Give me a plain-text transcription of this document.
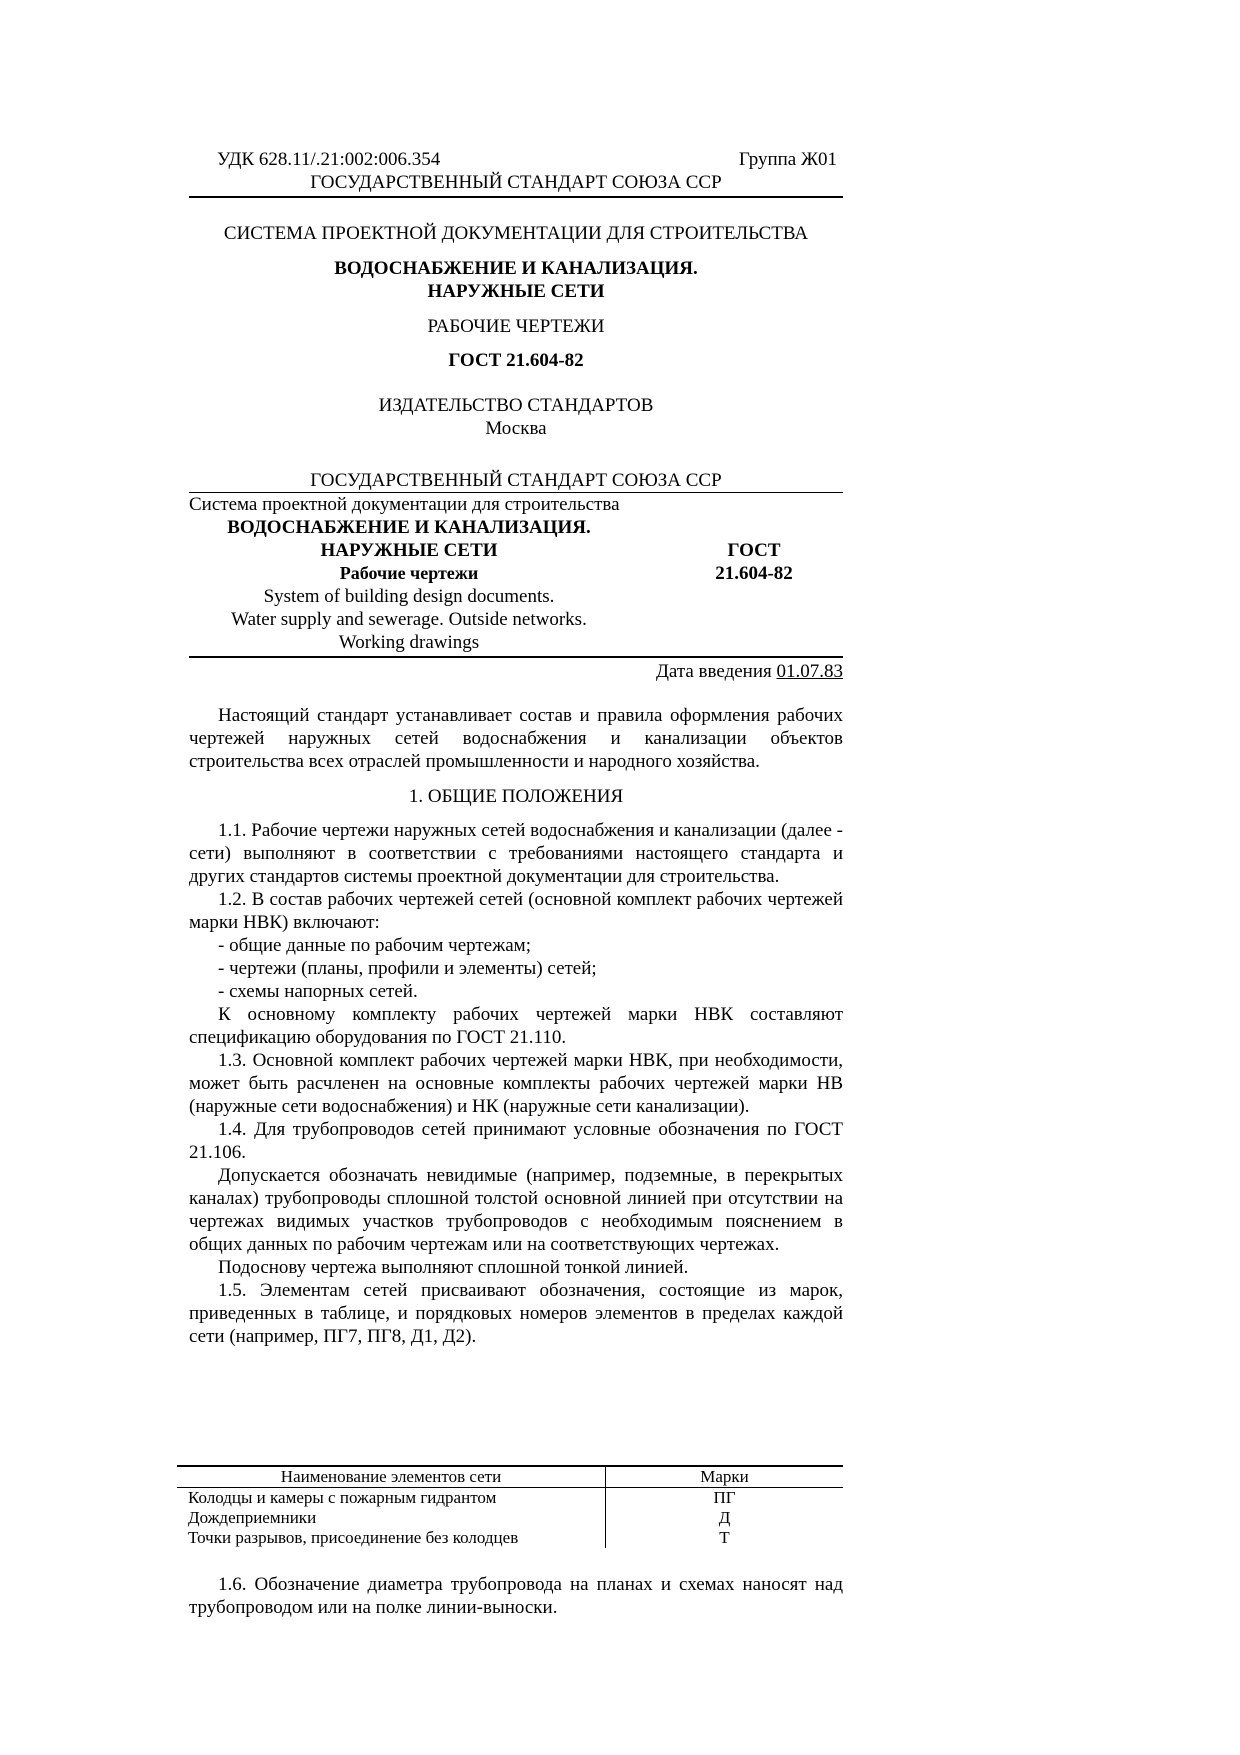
УДК 628.11/.21:002:006.354	Группа Ж01
ГОСУДАРСТВЕННЫЙ СТАНДАРТ СОЮЗА ССР
СИСТЕМА ПРОЕКТНОЙ ДОКУМЕНТАЦИИ ДЛЯ СТРОИТЕЛЬСТВА
ВОДОСНАБЖЕНИЕ И КАНАЛИЗАЦИЯ.
НАРУЖНЫЕ СЕТИ
РАБОЧИЕ ЧЕРТЕЖИ
ГОСТ 21.604-82
ИЗДАТЕЛЬСТВО СТАНДАРТОВ
Москва
ГОСУДАРСТВЕННЫЙ СТАНДАРТ СОЮЗА ССР
Система проектной документации для строительства
ВОДОСНАБЖЕНИЕ И КАНАЛИЗАЦИЯ.
НАРУЖНЫЕ СЕТИ
Рабочие чертежи
System of building design documents.
Water supply and sewerage. Outside networks.
Working drawings
ГОСТ
21.604-82
Дата введения 01.07.83

Настоящий стандарт устанавливает состав и правила оформления рабочих чертежей наружных сетей водоснабжения и канализации объектов строительства всех отраслей промышленности и народного хозяйства.

1. ОБЩИЕ ПОЛОЖЕНИЯ

1.1. Рабочие чертежи наружных сетей водоснабжения и канализации (далее - сети) выполняют в соответствии с требованиями настоящего стандарта и других стандартов системы проектной документации для строительства.

1.2. В состав рабочих чертежей сетей (основной комплект рабочих чертежей марки НВК) включают:

- общие данные по рабочим чертежам;

- чертежи (планы, профили и элементы) сетей;

- схемы напорных сетей.

К основному комплекту рабочих чертежей марки НВК составляют спецификацию оборудования по ГОСТ 21.110.

1.3. Основной комплект рабочих чертежей марки НВК, при необходимости, может быть расчленен на основные комплекты рабочих чертежей марки НВ (наружные сети водоснабжения) и НК (наружные сети канализации).

1.4. Для трубопроводов сетей принимают условные обозначения по ГОСТ 21.106.

Допускается обозначать невидимые (например, подземные, в перекрытых каналах) трубопроводы сплошной толстой основной линией при отсутствии на чертежах видимых участков трубопроводов с необходимым пояснением в общих данных по рабочим чертежам или на соответствующих чертежах.

Подоснову чертежа выполняют сплошной тонкой линией.

1.5. Элементам сетей присваивают обозначения, состоящие из марок, приведенных в таблице, и порядковых номеров элементов в пределах каждой сети (например, ПГ7, ПГ8, Д1, Д2).

Наименование элементов сети	Марки
Колодцы и камеры с пожарным гидрантом	ПГ
Дождеприемники	Д
Точки разрывов, присоединение без колодцев	Т

1.6. Обозначение диаметра трубопровода на планах и схемах наносят над трубопроводом или на полке линии-выноски.
